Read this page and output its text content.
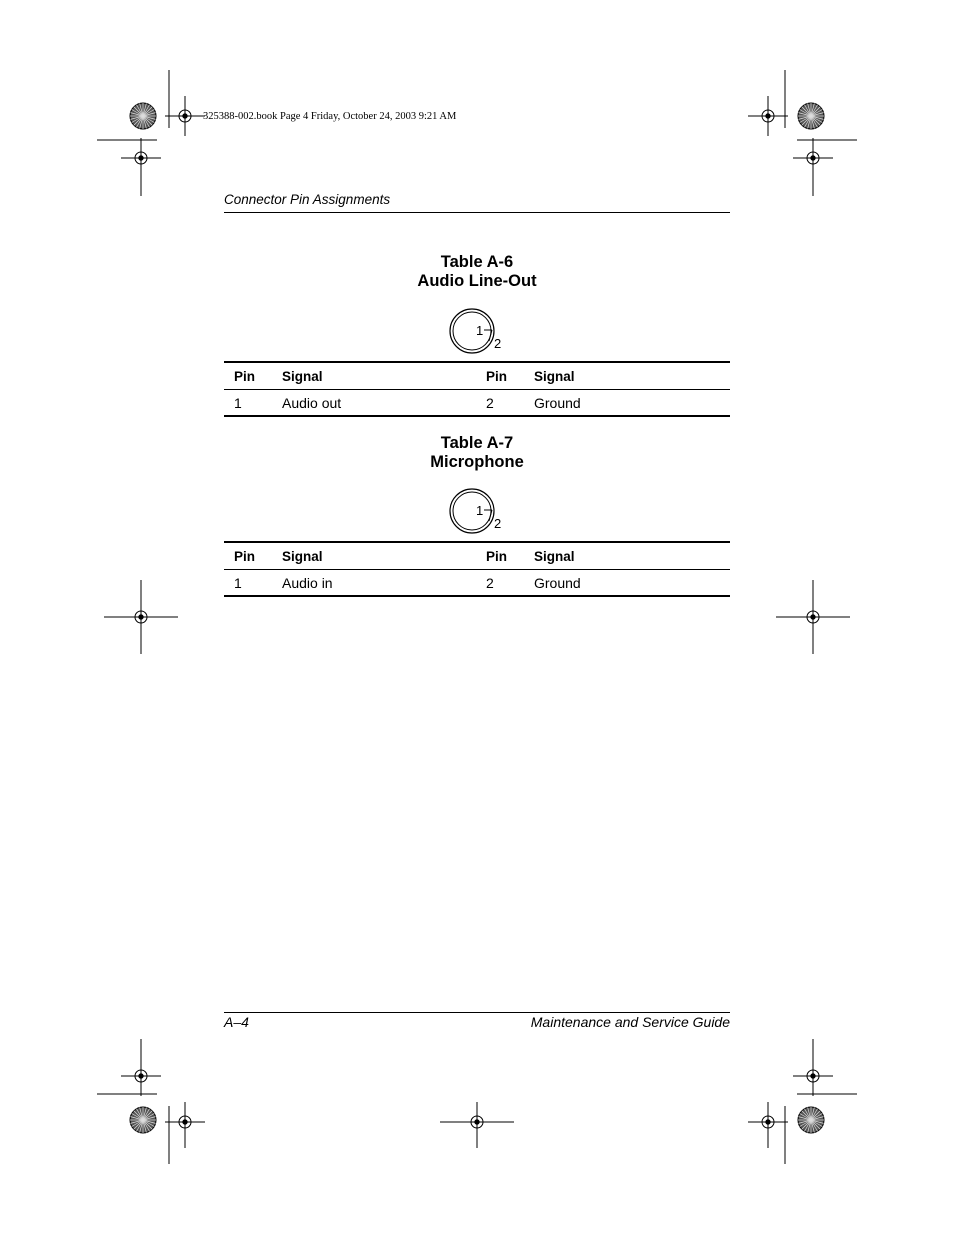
325388-002.book Page 4 Friday, October 24, 2003 9:21 AM
Connector Pin Assignments
Table A-6
Audio Line-Out
1
2
Pin	Signal	Pin	Signal
1	Audio out	2	Ground
Table A-7
Microphone
1
2
Pin	Signal	Pin	Signal
1	Audio in	2	Ground
A–4	Maintenance and Service Guide
